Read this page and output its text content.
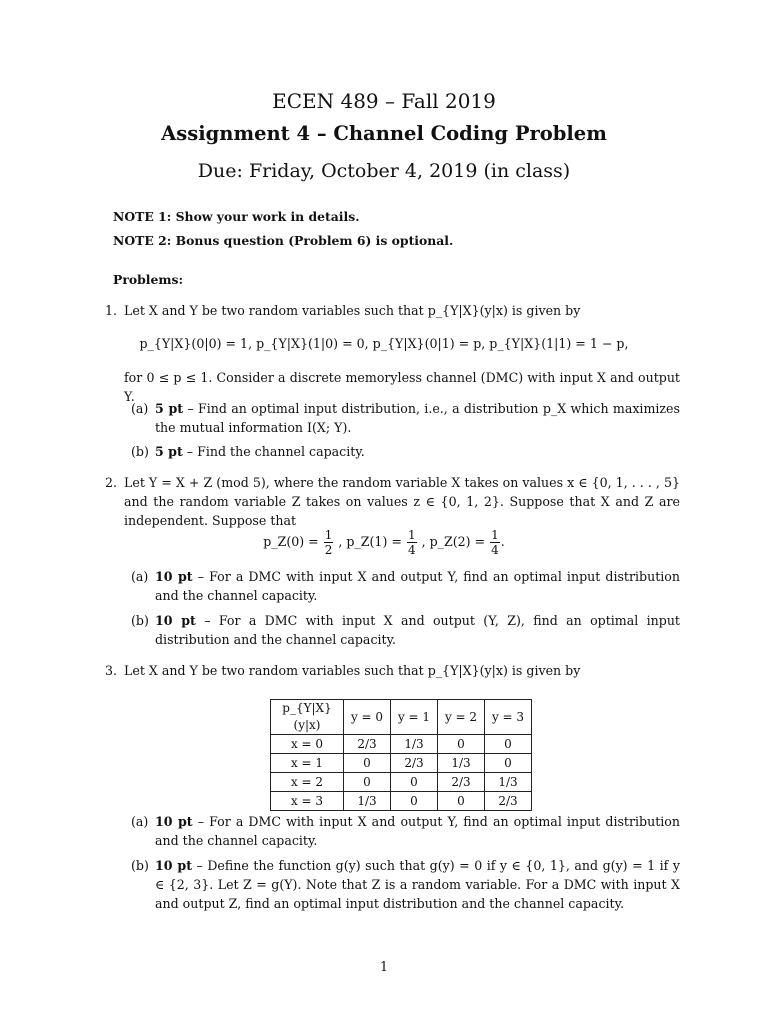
ECEN 489 – Fall 2019
Assignment 4 – Channel Coding Problem
Due: Friday, October 4, 2019 (in class)
NOTE 1: Show your work in details.
NOTE 2: Bonus question (Problem 6) is optional.
Problems:
1. Let X and Y be two random variables such that p_{Y|X}(y|x) is given by
p_{Y|X}(0|0) = 1, p_{Y|X}(1|0) = 0, p_{Y|X}(0|1) = p, p_{Y|X}(1|1) = 1 − p,
for 0 ≤ p ≤ 1. Consider a discrete memoryless channel (DMC) with input X and output Y.
(a) 5 pt – Find an optimal input distribution, i.e., a distribution p_X which maximizes the mutual information I(X; Y).
(b) 5 pt – Find the channel capacity.
2. Let Y = X + Z (mod 5), where the random variable X takes on values x ∈ {0, 1, . . . , 5} and the random variable Z takes on values z ∈ {0, 1, 2}. Suppose that X and Z are independent. Suppose that
p_Z(0) = $\frac{1}{2}$ , p_Z(1) = $\frac{1}{4}$ , p_Z(2) = $\frac{1}{4}$ .
(a) 10 pt – For a DMC with input X and output Y, find an optimal input distribution and the channel capacity.
(b) 10 pt – For a DMC with input X and output (Y, Z), find an optimal input distribution and the channel capacity.
3. Let X and Y be two random variables such that p_{Y|X}(y|x) is given by
p_{Y|X}(y|x)	y = 0	y = 1	y = 2	y = 3
x = 0	2/3	1/3	0	0
x = 1	0	2/3	1/3	0
x = 2	0	0	2/3	1/3
x = 3	1/3	0	0	2/3
(a) 10 pt – For a DMC with input X and output Y, find an optimal input distribution and the channel capacity.
(b) 10 pt – Define the function g(y) such that g(y) = 0 if y ∈ {0, 1}, and g(y) = 1 if y ∈ {2, 3}. Let Z = g(Y). Note that Z is a random variable. For a DMC with input X and output Z, find an optimal input distribution and the channel capacity.
1
